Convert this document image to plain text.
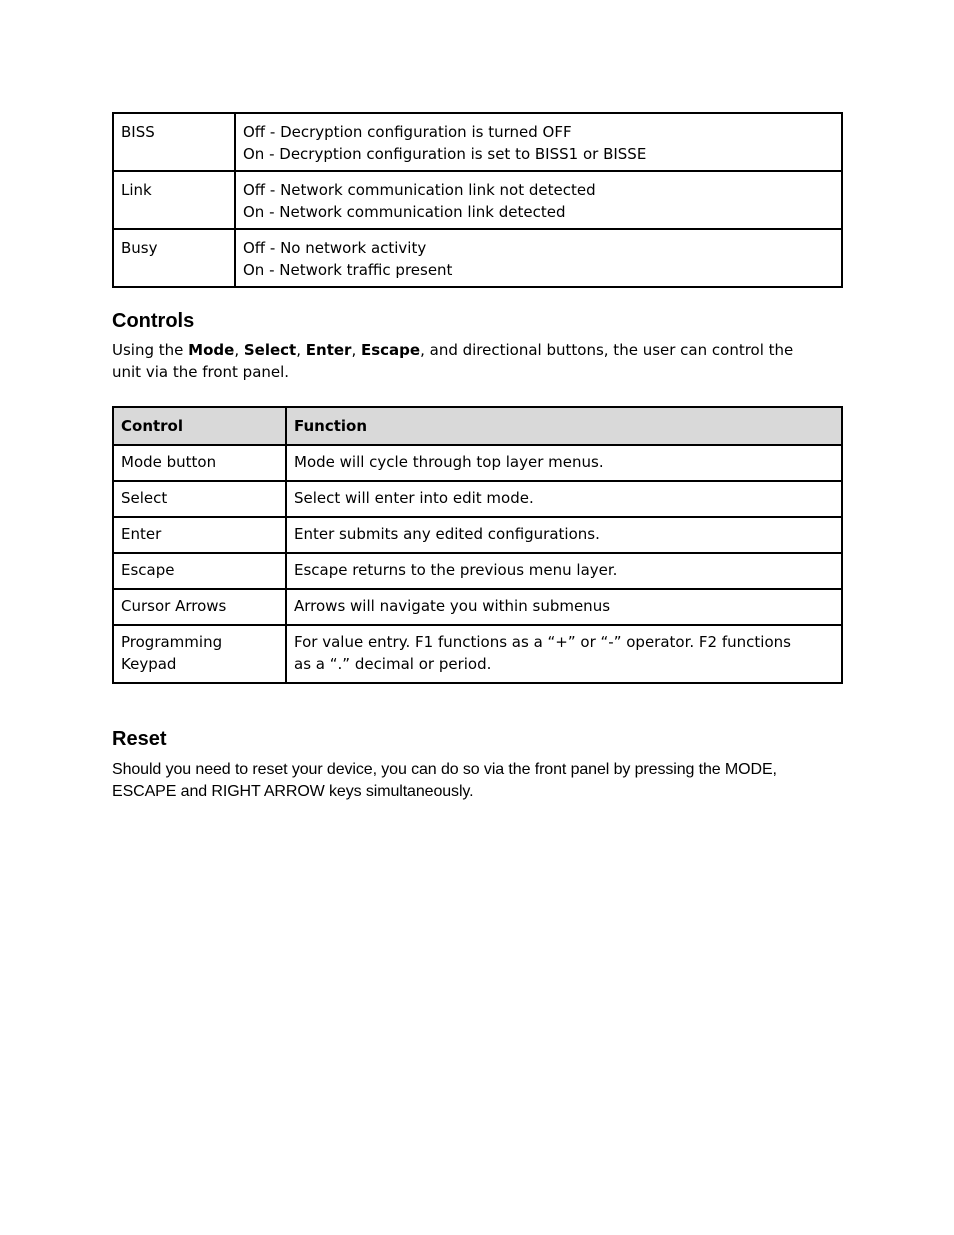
BISS	Off - Decryption configuration is turned OFF
On - Decryption configuration is set to BISS1 or BISSE

Link	Off - Network communication link not detected
On - Network communication link detected

Busy	Off - No network activity
On - Network traffic present
Controls

Using the Mode, Select, Enter, Escape, and directional buttons, the user can control the
unit via the front panel.

Control	Function
Mode button	Mode will cycle through top layer menus.
Select	Select will enter into edit mode.
Enter	Enter submits any edited configurations.
Escape	Escape returns to the previous menu layer.
Cursor Arrows	Arrows will navigate you within submenus

Programming
Keypad	For value entry. F1 functions as a “+” or “-” operator. F2 functions
as a “.” decimal or period.
Reset

Should you need to reset your device, you can do so via the front panel by pressing the MODE,
ESCAPE and RIGHT ARROW keys simultaneously.
